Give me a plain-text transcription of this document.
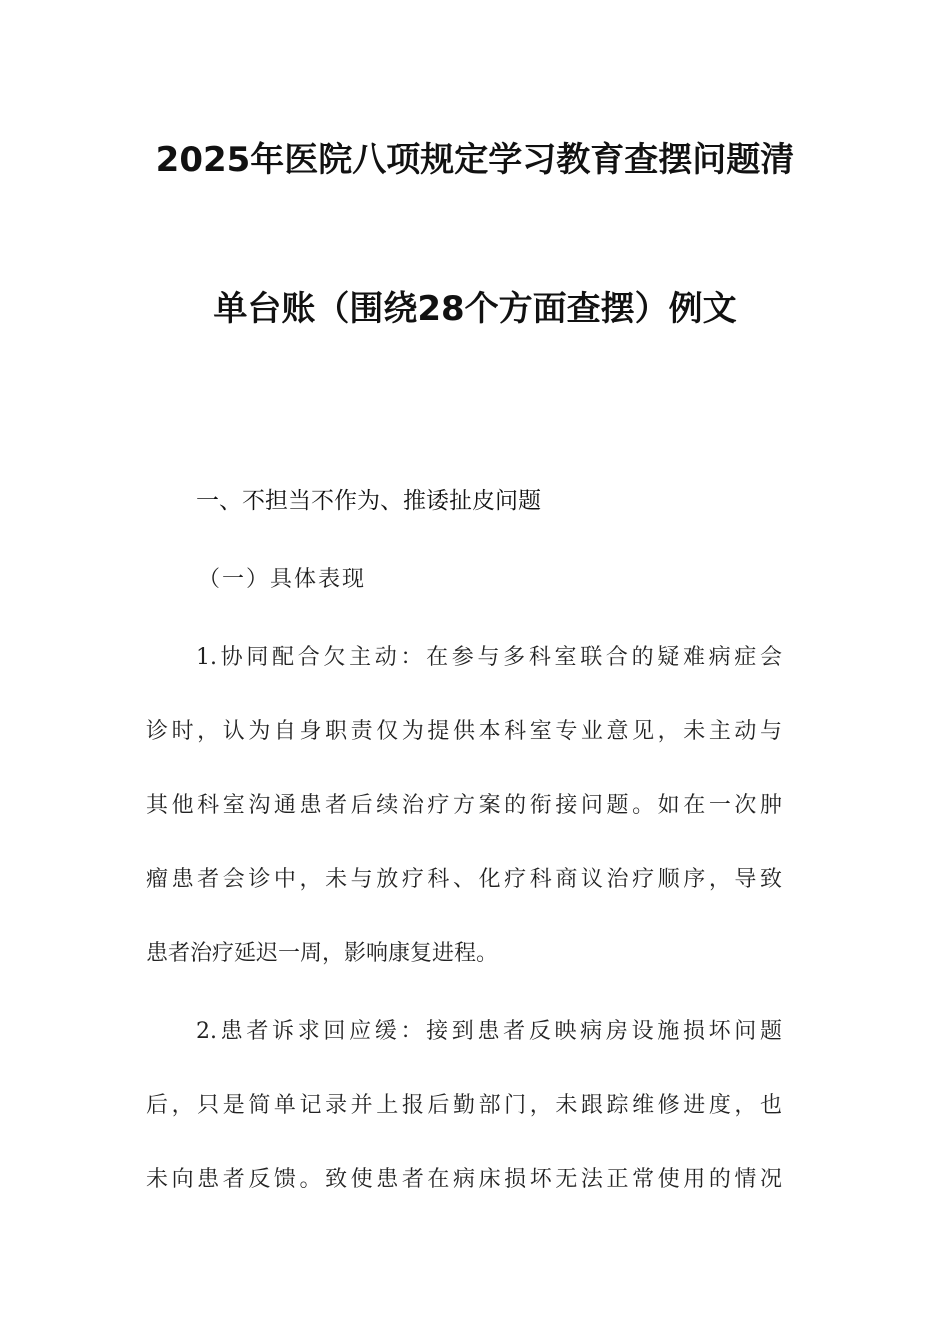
2025年医院八项规定学习教育查摆问题清
单台账（围绕28个方面查摆）例文
一、不担当不作为、推诿扯皮问题
（一）具体表现
1.协同配合欠主动：在参与多科室联合的疑难病症会
诊时，认为自身职责仅为提供本科室专业意见，未主动与
其他科室沟通患者后续治疗方案的衔接问题。如在一次肿
瘤患者会诊中，未与放疗科、化疗科商议治疗顺序，导致
患者治疗延迟一周，影响康复进程。
2.患者诉求回应缓：接到患者反映病房设施损坏问题
后，只是简单记录并上报后勤部门，未跟踪维修进度，也
未向患者反馈。致使患者在病床损坏无法正常使用的情况
